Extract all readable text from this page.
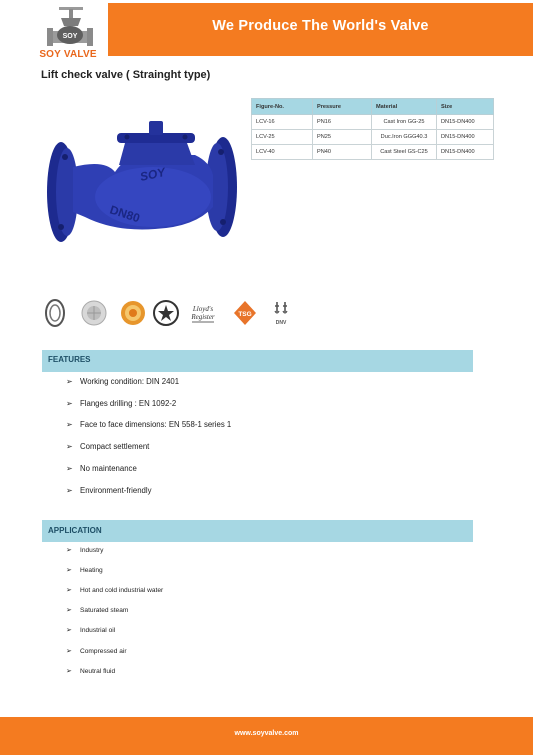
We Produce The World's Valve
SOY
SOY VALVE
Lift check valve ( Strainght type)
SOY
DN80
Figure-No.	Pressure	Material	Size
LCV-16	PN16	Cast Iron GG-25	DN15-DN400
LCV-25	PN25	Duc.Iron GGG40.3	DN15-DN400
LCV-40	PN40	Cast Steel GS-C25	DN15-DN400
Lloyd's
Register	TSG
DNV
FEATURES
➢ Working condition: DIN 2401
➢ Flanges drilling : EN 1092-2
➢ Face to face dimensions: EN 558-1 series 1
➢ Compact settlement
➢ No maintenance
➢ Environment-friendly
APPLICATION
➢ Industry
➢ Heating
➢ Hot and cold industrial water
➢ Saturated steam
➢ Industrial oil
➢ Compressed air
➢ Neutral fluid
www.soyvalve.com
